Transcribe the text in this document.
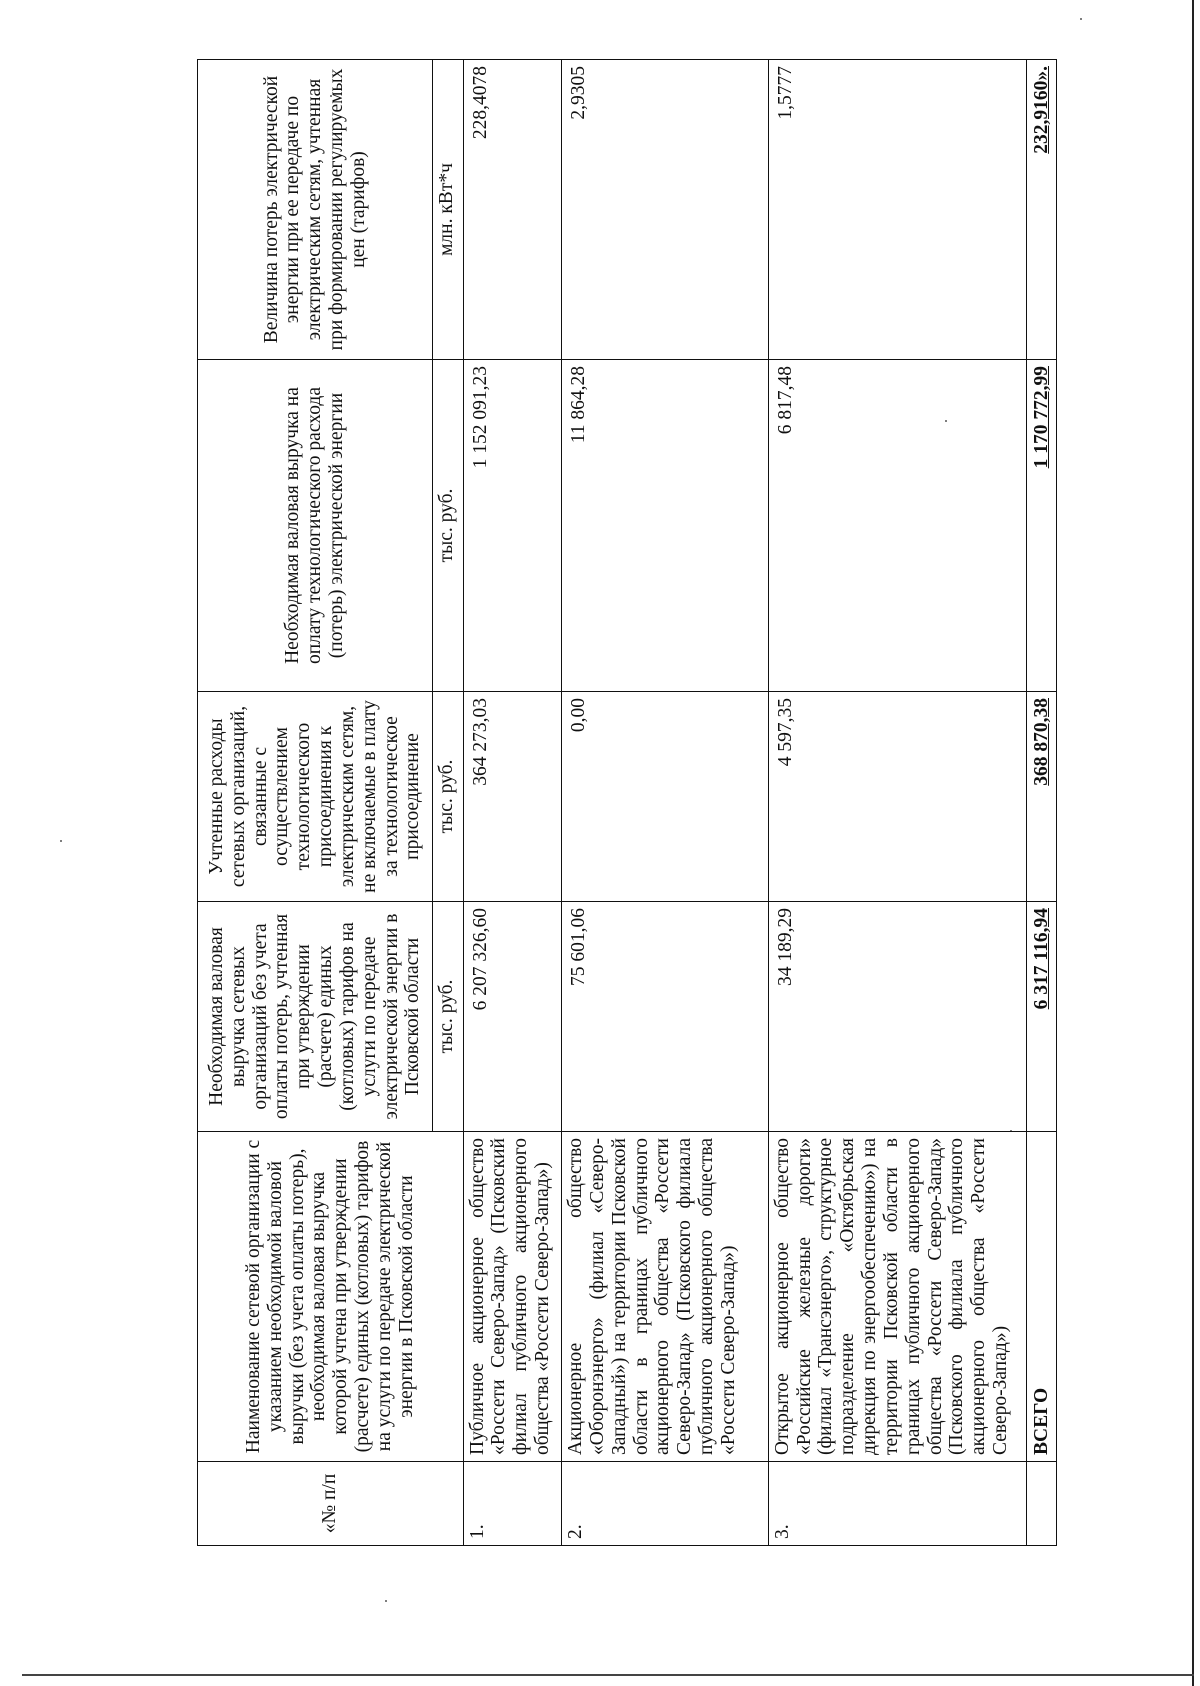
«№ п/п	Наименование сетевой организации с указанием необходимой валовой выручки (без учета оплаты потерь), необходимая валовая выручка которой учтена при утверждении (расчете) единых (котловых) тарифов на услуги по передаче электрической энергии в Псковской области	Необходимая валовая выручка сетевых организаций без учета оплаты потерь, учтенная при утверждении (расчете) единых (котловых) тарифов на услуги по передаче электрической энергии в Псковской области	Учтенные расходы сетевых организаций, связанные с осуществлением технологического присоединения к электрическим сетям, не включаемые в плату за технологическое присоединение	Необходимая валовая выручка на оплату технологического расхода (потерь) электрической энергии	Величина потерь электрической энергии при ее передаче по электрическим сетям, учтенная при формировании регулируемых цен (тарифов)
		тыс. руб.	тыс. руб.	тыс. руб.	млн. кВт*ч
1.	Публичное акционерное общество «Россети Северо-Запад» (Псковский филиал публичного акционерного общества «Россети Северо-Запад»)	6 207 326,60	364 273,03	1 152 091,23	228,4078
2.	Акционерное общество «Оборонэнерго» (филиал «Северо-Западный») на территории Псковской области в границах публичного акционерного общества «Россети Северо-Запад» (Псковского филиала публичного акционерного общества «Россети Северо-Запад»)	75 601,06	0,00	11 864,28	2,9305
3.	Открытое акционерное общество «Российские железные дороги» (филиал «Трансэнерго», структурное подразделение «Октябрьская дирекция по энергообеспечению») на территории Псковской области в границах публичного акционерного общества «Россети Северо-Запад» (Псковского филиала публичного акционерного общества «Россети Северо-Запад»)	34 189,29	4 597,35	6 817,48	1,5777
	ВСЕГО	6 317 116,94	368 870,38	1 170 772,99	232,9160».
